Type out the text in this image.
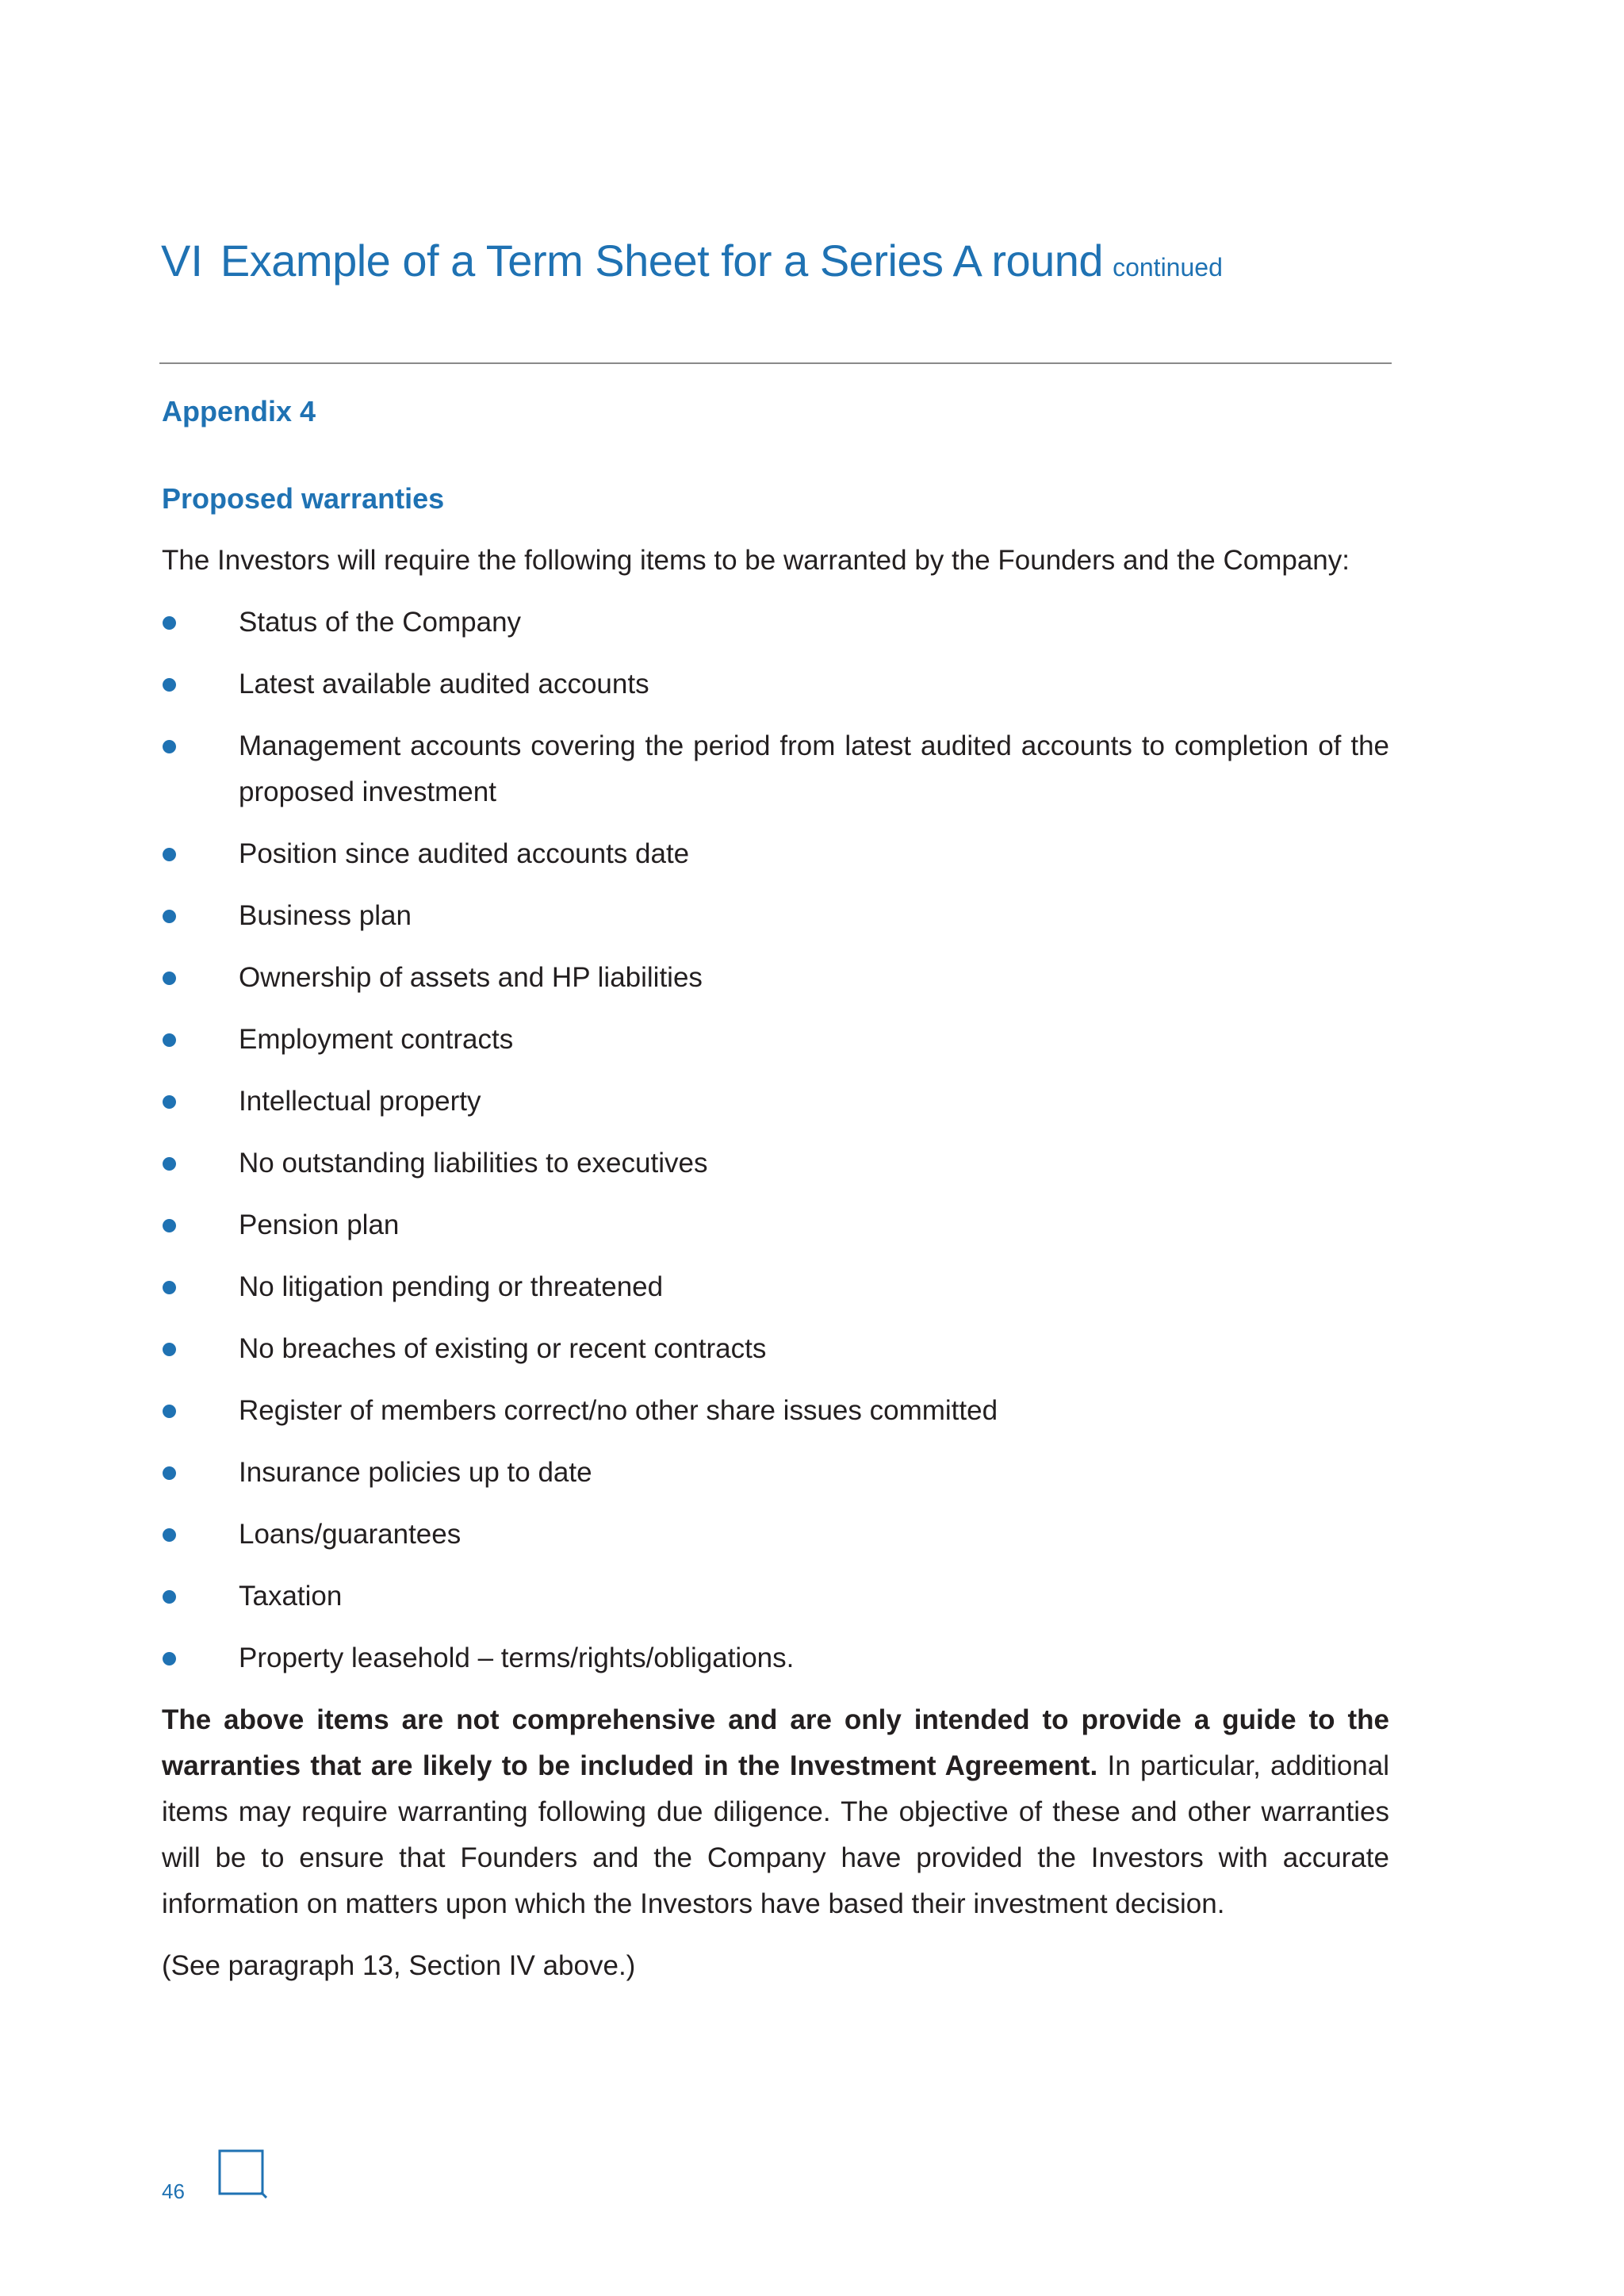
VI Example of a Term Sheet for a Series A round continued

Appendix 4

Proposed warranties

The Investors will require the following items to be warranted by the Founders and the Company:

Status of the Company
Latest available audited accounts
Management accounts covering the period from latest audited accounts to completion of the proposed investment
Position since audited accounts date
Business plan
Ownership of assets and HP liabilities
Employment contracts
Intellectual property
No outstanding liabilities to executives
Pension plan
No litigation pending or threatened
No breaches of existing or recent contracts
Register of members correct/no other share issues committed
Insurance policies up to date
Loans/guarantees
Taxation
Property leasehold – terms/rights/obligations.

The above items are not comprehensive and are only intended to provide a guide to the warranties that are likely to be included in the Investment Agreement. In particular, additional items may require warranting following due diligence. The objective of these and other warranties will be to ensure that Founders and the Company have provided the Investors with accurate information on matters upon which the Investors have based their investment decision.

(See paragraph 13, Section IV above.)

46
